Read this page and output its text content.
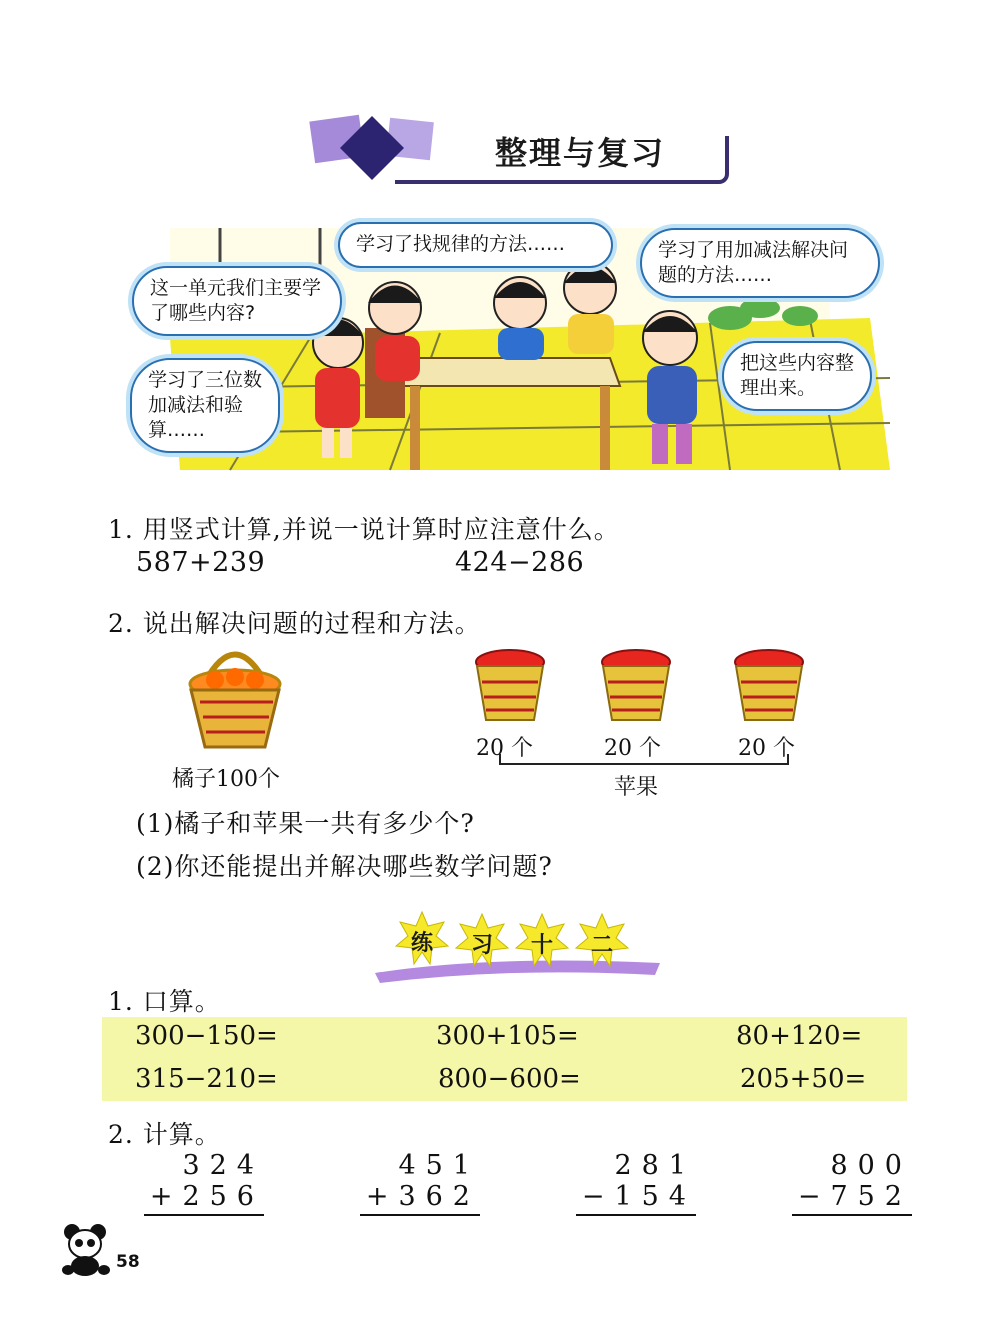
整理与复习
这一单元我们主要学了哪些内容?
学习了找规律的方法……	学习了用加减法解决问题的方法……
学习了三位数加减法和验算……
把这些内容整理出来。
1. 用竖式计算,并说一说计算时应注意什么。
587+239	424−286
2. 说出解决问题的过程和方法。
橘子100个
20 个	20 个	20 个
苹果
(1)橘子和苹果一共有多少个?
(2)你还能提出并解决哪些数学问题?
练	习	十	二
1. 口算。
300−150=	300+105=	80+120=
315−210=	800−600=	205+50=
2. 计算。
324
+256
451
+362
281
−154
800
−752
58
